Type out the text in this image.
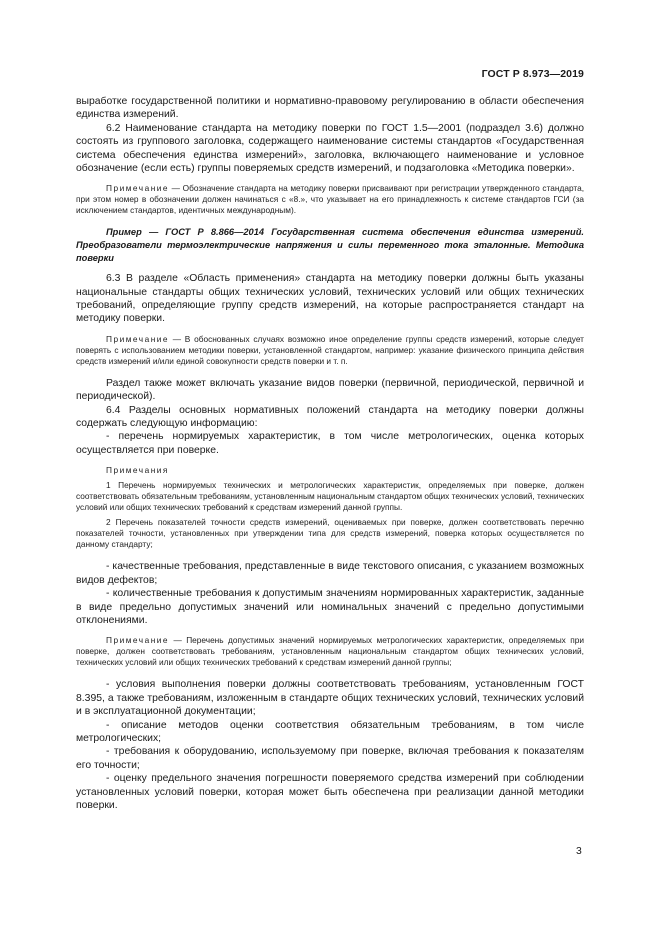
ГОСТ Р 8.973—2019

выработке государственной политики и нормативно-правовому регулированию в области обеспечения единства измерений.

6.2 Наименование стандарта на методику поверки по ГОСТ 1.5—2001 (подраздел 3.6) должно состоять из группового заголовка, содержащего наименование системы стандартов «Государственная система обеспечения единства измерений», заголовка, включающего наименование и условное обозначение (если есть) группы поверяемых средств измерений, и подзаголовка «Методика поверки».

Примечание — Обозначение стандарта на методику поверки присваивают при регистрации утвержденного стандарта, при этом номер в обозначении должен начинаться с «8.», что указывает на его принадлежность к системе стандартов ГСИ (за исключением стандартов, идентичных международным).

Пример — ГОСТ Р 8.866—2014 Государственная система обеспечения единства измерений. Преобразователи термоэлектрические напряжения и силы переменного тока эталонные. Методика поверки

6.3 В разделе «Область применения» стандарта на методику поверки должны быть указаны национальные стандарты общих технических условий, технических условий или общих технических требований, определяющие группу средств измерений, на которые распространяется стандарт на методику поверки.

Примечание — В обоснованных случаях возможно иное определение группы средств измерений, которые следует поверять с использованием методики поверки, установленной стандартом, например: указание физического принципа действия средств измерений и/или единой совокупности средств поверки и т. п.

Раздел также может включать указание видов поверки (первичной, периодической, первичной и периодической).

6.4 Разделы основных нормативных положений стандарта на методику поверки должны содержать следующую информацию:

- перечень нормируемых характеристик, в том числе метрологических, оценка которых осуществляется при поверке.

Примечания

1 Перечень нормируемых технических и метрологических характеристик, определяемых при поверке, должен соответствовать обязательным требованиям, установленным национальным стандартом общих технических условий, технических условий или общих технических требований к средствам измерений данной группы.

2 Перечень показателей точности средств измерений, оцениваемых при поверке, должен соответствовать перечню показателей точности, установленных при утверждении типа для средств измерений, поверка которых осуществляется по данному стандарту;

- качественные требования, представленные в виде текстового описания, с указанием возможных видов дефектов;

- количественные требования к допустимым значениям нормированных характеристик, заданные в виде предельно допустимых значений или номинальных значений с предельно допустимыми отклонениями.

Примечание — Перечень допустимых значений нормируемых метрологических характеристик, определяемых при поверке, должен соответствовать требованиям, установленным национальным стандартом общих технических условий, технических условий или общих технических требований к средствам измерений данной группы;

- условия выполнения поверки должны соответствовать требованиям, установленным ГОСТ 8.395, а также требованиям, изложенным в стандарте общих технических условий, технических условий и в эксплуатационной документации;

- описание методов оценки соответствия обязательным требованиям, в том числе метрологических;

- требования к оборудованию, используемому при поверке, включая требования к показателям его точности;

- оценку предельного значения погрешности поверяемого средства измерений при соблюдении установленных условий поверки, которая может быть обеспечена при реализации данной методики поверки.

3
